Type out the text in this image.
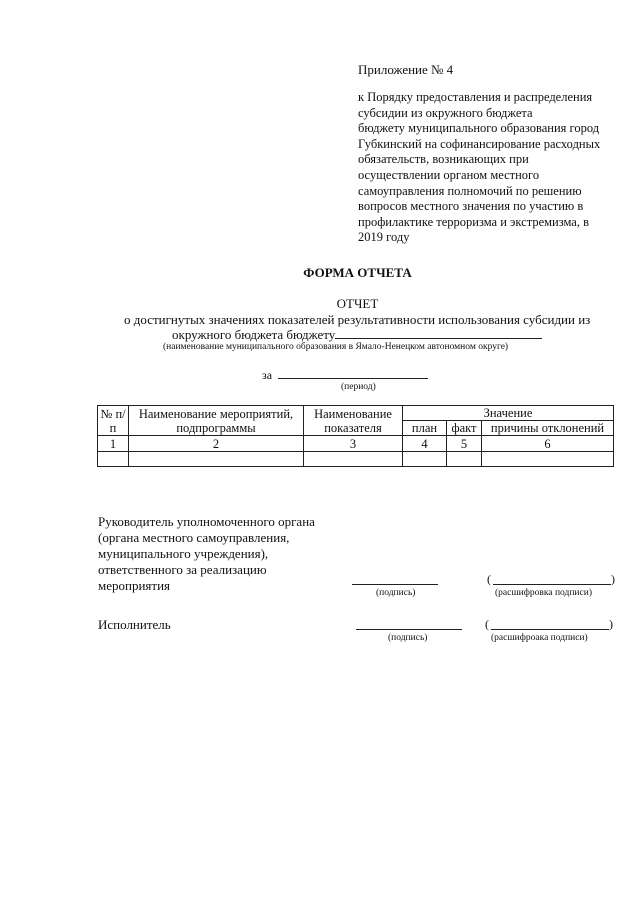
Приложение № 4
к Порядку предоставления и распределения
субсидии из окружного бюджета
бюджету муниципального образования город
Губкинский на софинансирование расходных
обязательств, возникающих при
осуществлении органом местного
самоуправления полномочий по решению
вопросов местного значения по участию в
профилактике терроризма и экстремизма, в
2019 году
ФОРМА ОТЧЕТА
ОТЧЕТ
о достигнутых значениях показателей результативности использования субсидии из
окружного бюджета бюджету
(наименование муниципального образования в Ямало-Ненецком автономном округе)
за
(период)
№ п/п	Наименование мероприятий, подпрограммы	Наименование показателя	Значение		
			план	факт	причины отклонений
1	2	3	4	5	6

Руководитель уполномоченного органа
(органа местного самоуправления,
муниципального учреждения),
ответственного за реализацию
мероприятия	(подпись)
(	)
(расшифровка подписи)
Исполнитель
(подпись)
(	)
(расшифроака подписи)
